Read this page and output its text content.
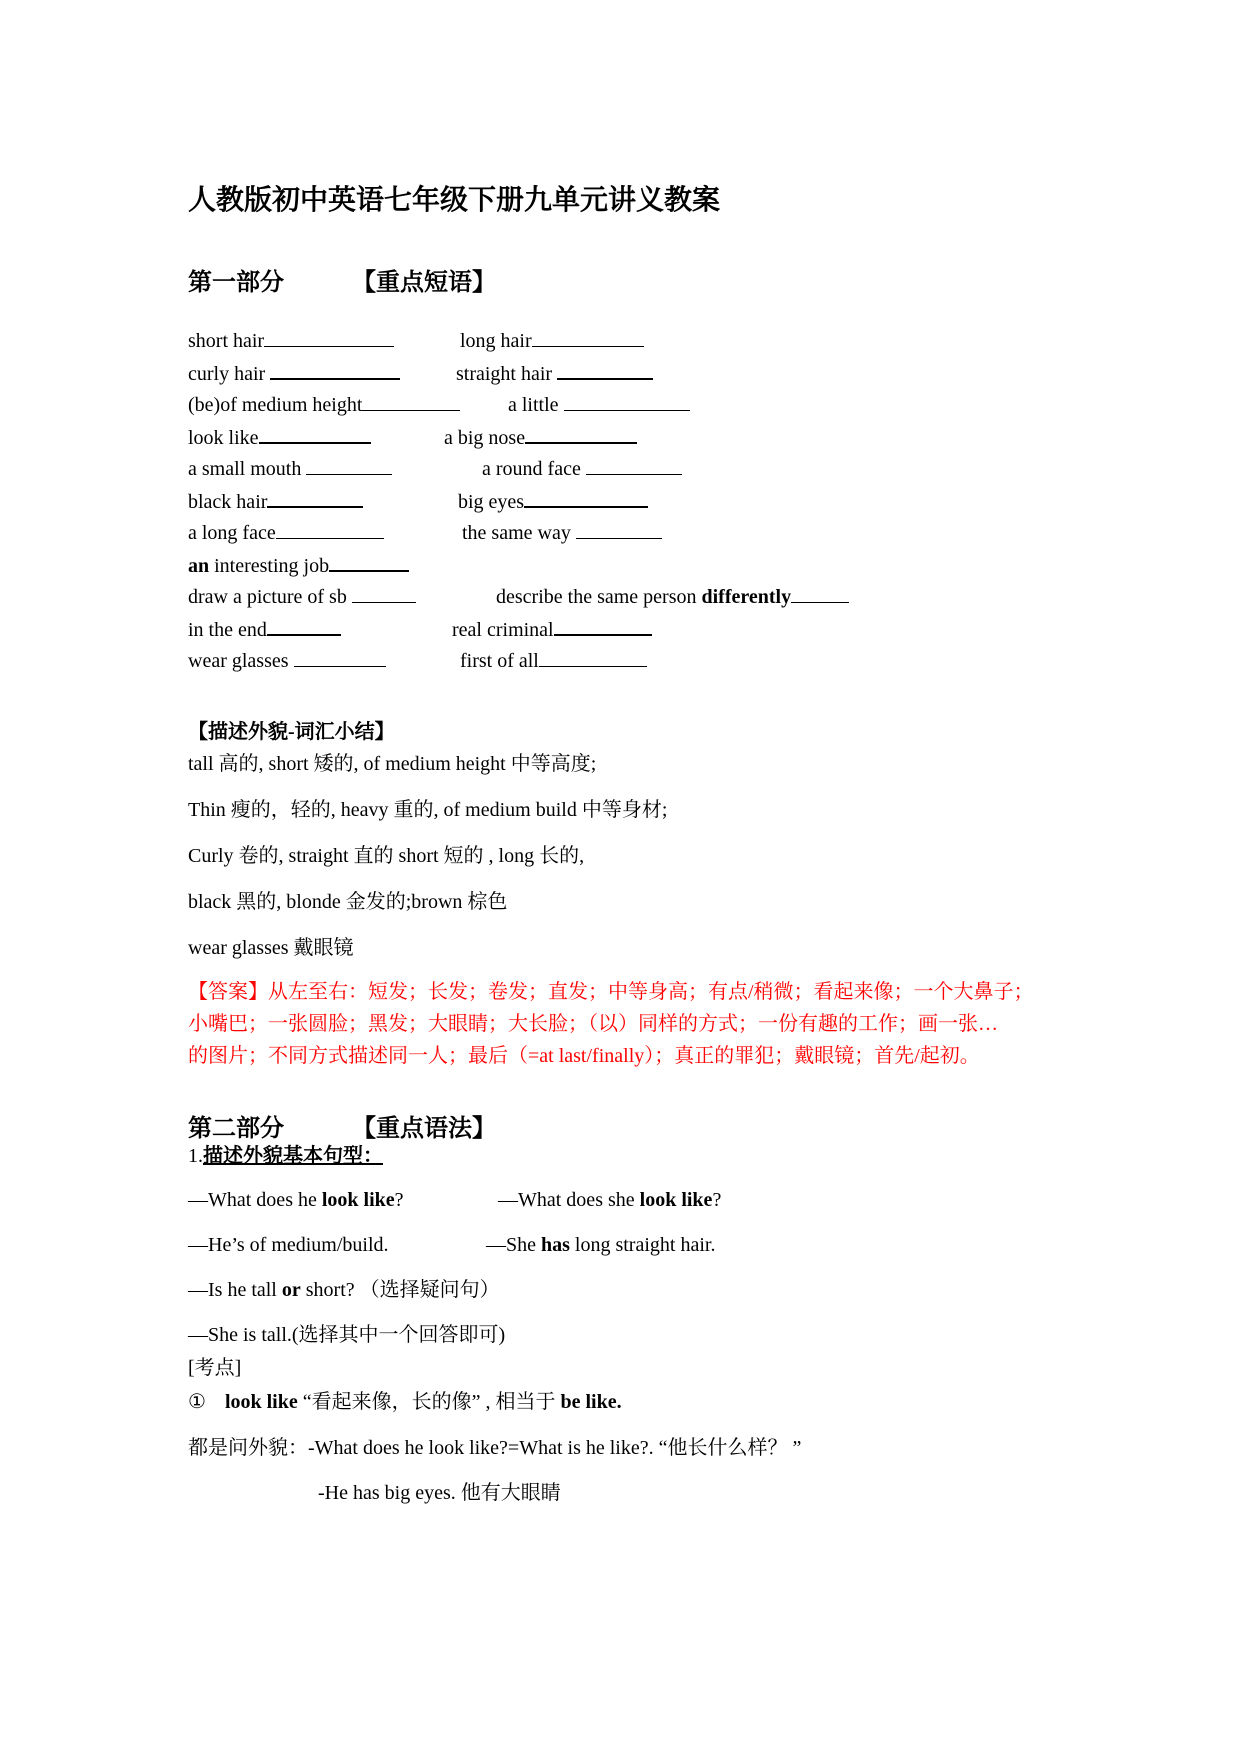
人教版初中英语七年级下册九单元讲义教案
第一部分	【重点短语】
short hair	long hair
curly hair	straight hair
(be)of medium height	a little
look like	a big nose
a small mouth	a round face
black hair	big eyes
a long face	the same way
an interesting job
draw a picture of sb	describe the same person differently
in the end	real criminal
wear glasses	first of all
【描述外貌-词汇小结】
tall 高的, short 矮的, of medium height 中等高度;
Thin 瘦的，轻的, heavy 重的, of medium build 中等身材;
Curly 卷的, straight 直的 short 短的 , long 长的,
black 黑的, blonde 金发的;brown 棕色
wear glasses 戴眼镜
【答案】从左至右：短发；长发；卷发；直发；中等身高；有点/稍微；看起来像；一个大鼻子；
小嘴巴；一张圆脸；黑发；大眼睛；大长脸；（以）同样的方式；一份有趣的工作；画一张…
的图片；不同方式描述同一人；最后（=at last/finally）；真正的罪犯；戴眼镜；首先/起初。
第二部分	【重点语法】
1.描述外貌基本句型：
—What does he look like?	—What does she look like?
—He’s of medium/build.	—She has long straight hair.
—Is he tall or short? （选择疑问句）
—She is tall.(选择其中一个回答即可)
[考点]
① look like “看起来像，长的像” , 相当于 be like.
都是问外貌：-What does he look like?=What is he like?. “他长什么样？ ”
-He has big eyes. 他有大眼睛
